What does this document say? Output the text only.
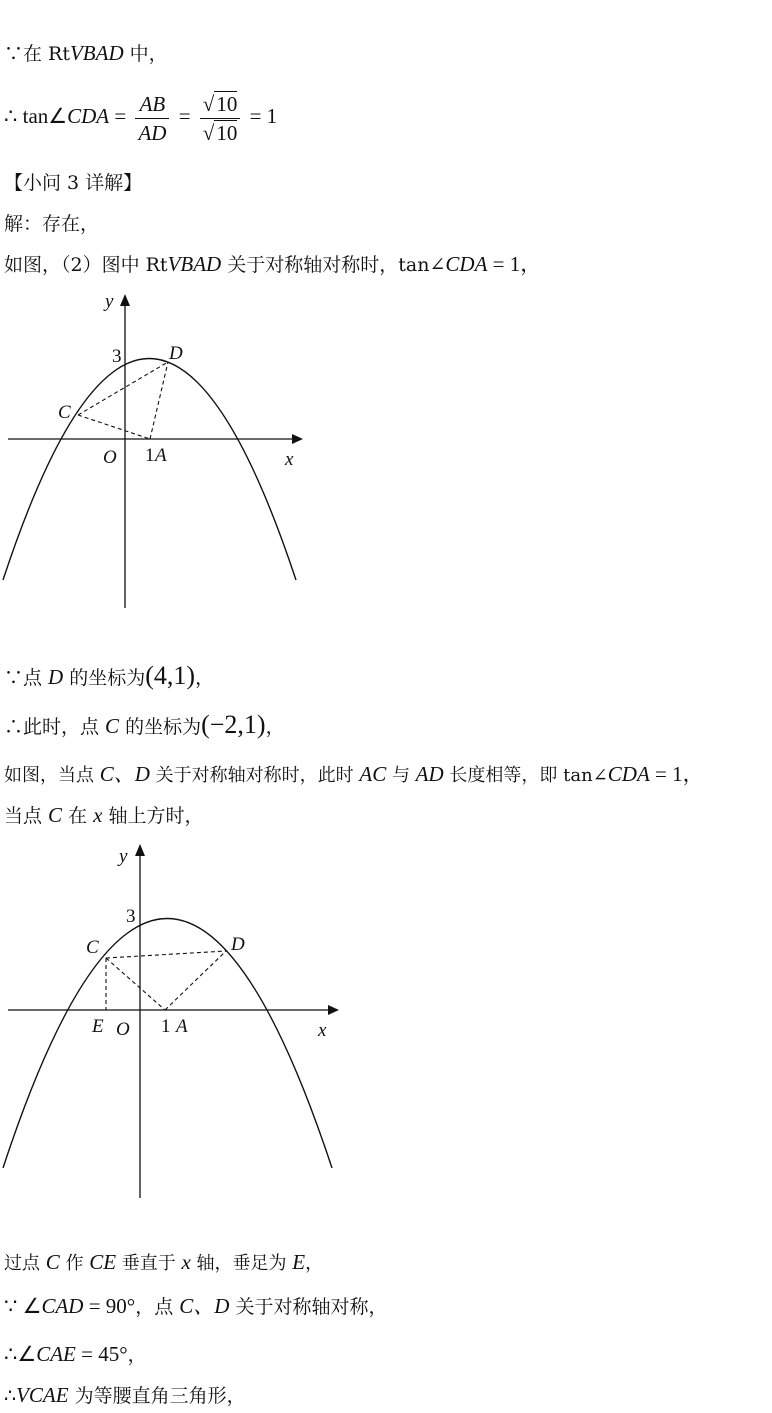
∵在 RtVBAD 中，
∴ tan∠CDA = $\frac{AB}{AD} = \frac{√10}{√10} = 1$
【小问 3 详解】
解：存在，
如图，（2）图中 RtVBAD 关于对称轴对称时，tan∠CDA = 1，
y
x
O
3
1 A
C
D
∵点 D 的坐标为(4,1)，
∴此时，点 C 的坐标为(−2,1)，
如图，当点 C、D 关于对称轴对称时，此时 AC 与 AD 长度相等，即 tan∠CDA = 1，
当点 C 在 x 轴上方时，
y
x
O
3
1 A
C	D
E
过点 C 作 CE 垂直于 x 轴，垂足为 E，
∵ ∠CAD = 90°，点 C、D 关于对称轴对称，
∴∠CAE = 45°，
∴VCAE 为等腰直角三角形，
